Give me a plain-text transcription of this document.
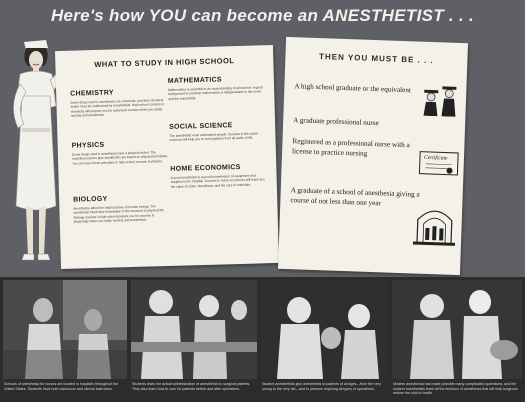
Here's how YOU can become an ANESTHETIST . . .
WHAT TO STUDY IN HIGH SCHOOL
CHEMISTRY

Some drugs used in anesthesia are chemicals, and their chemical action must be understood by anesthetists. High school courses in chemistry will prepare you for advanced courses when you study nursing and anesthesia.

MATHEMATICS

Mathematics is essential to an understanding of all science. A good background in practical mathematics is indispensable to the nurse and the anesthetist.

PHYSICS

Some drugs used in anesthesia have a physical action. The machines used to give anesthetics are based on physical principles. You can learn these principles in high school courses in physics.

SOCIAL SCIENCE

The anesthetist must understand people. Courses in the social sciences will help you to meet patients from all walks of life.

BIOLOGY

Anesthetics affect the vital functions of human beings. The anesthetist must have knowledge of the structure of physical life. Biology courses in high school prepare you for courses in physiology when you study nursing and anesthesia.

HOME ECONOMICS

A good anesthetist is a good housekeeper of equipment and supplies in the hospital. Courses in home economics will teach you the value of order, cleanliness, and the care of materials.

THEN YOU MUST BE . . .
A high school graduate or the equivalent
A graduate professional nurse
Registered as a professional nurse with a license to practice nursing
A graduate of a school of anesthesia giving a course of not less than one year
Certificate
Schools of anesthesia for nurses are located in hospitals throughout the United States. Students have both classroom and clinical instruction.
Students learn the actual administration of anesthetics to surgical patients. They also learn how to care for patients before and after operations.
Student anesthetists give anesthetics to patients of all ages—from the very young to the very old—and to persons requiring all types of operations.
Modern anesthesia has made possible many complicated operations, and the student anesthetists learn all the technics of anesthesia that will help surgeons restore the sick to health.
